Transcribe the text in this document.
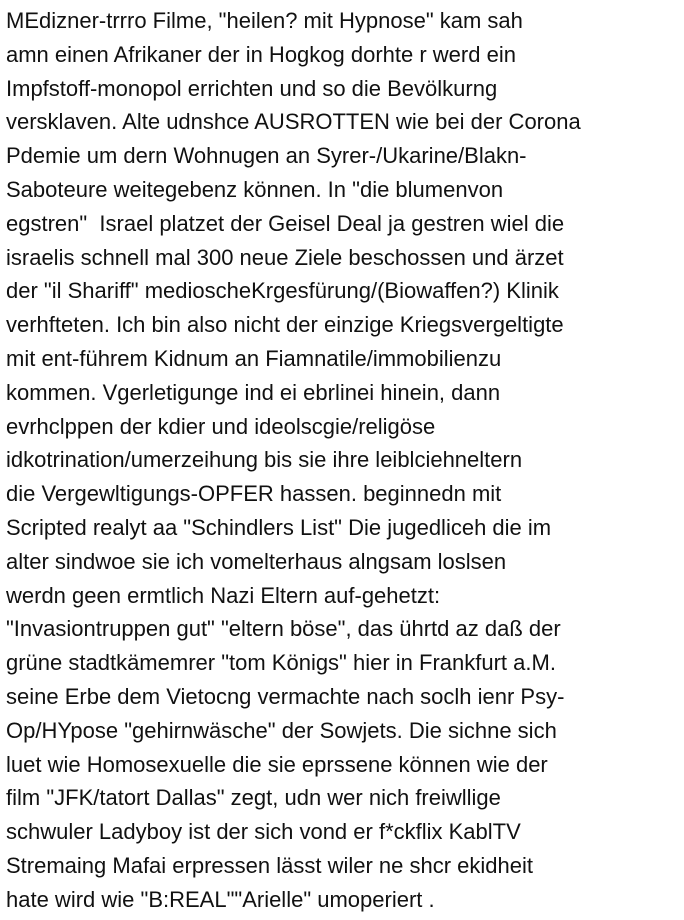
MEdizner-trrro Filme, "heilen? mit Hypnose" kam sah
amn einen Afrikaner der in Hogkog dorhte r werd ein
Impfstoff-monopol errichten und so die Bevölkurng
versklaven. Alte udnshce AUSROTTEN wie bei der Corona
Pdemie um dern Wohnugen an Syrer-/Ukarine/Blakn-
Saboteure weitegebenz können. In "die blumenvon
egstren"  Israel platzet der Geisel Deal ja gestren wiel die
israelis schnell mal 300 neue Ziele beschossen und ärzet
der "il Shariff" medioscheKrgesfürung/(Biowaffen?) Klinik
verhfteten. Ich bin also nicht der einzige Kriegsvergeltigte
mit ent-führem Kidnum an Fiamnatile/immobilienzu
kommen. Vgerletigunge ind ei ebrlinei hinein, dann
evrhclppen der kdier und ideolscgie/religöse
idkotrination/umerzeihung bis sie ihre leiblciehneltern
die Vergewltigungs-OPFER hassen. beginnedn mit
Scripted realyt aa "Schindlers List" Die jugedliceh die im
alter sindwoe sie ich vomelterhaus alngsam loslsen
werdn geen ermtlich Nazi Eltern auf-gehetzt:
"Invasiontruppen gut" "eltern böse", das ührtd az daß der
grüne stadtkämemrer "tom Königs" hier in Frankfurt a.M.
seine Erbe dem Vietocng vermachte nach soclh ienr Psy-
Op/HYpose "gehirnwäsche" der Sowjets. Die sichne sich
luet wie Homosexuelle die sie eprssene können wie der
film "JFK/tatort Dallas" zegt, udn wer nich freiwllige
schwuler Ladyboy ist der sich vond er f*ckflix KablTV
Stremaing Mafai erpressen lässt wiler ne shcr ekidheit
hate wird wie "B:REAL""Arielle" umoperiert .
